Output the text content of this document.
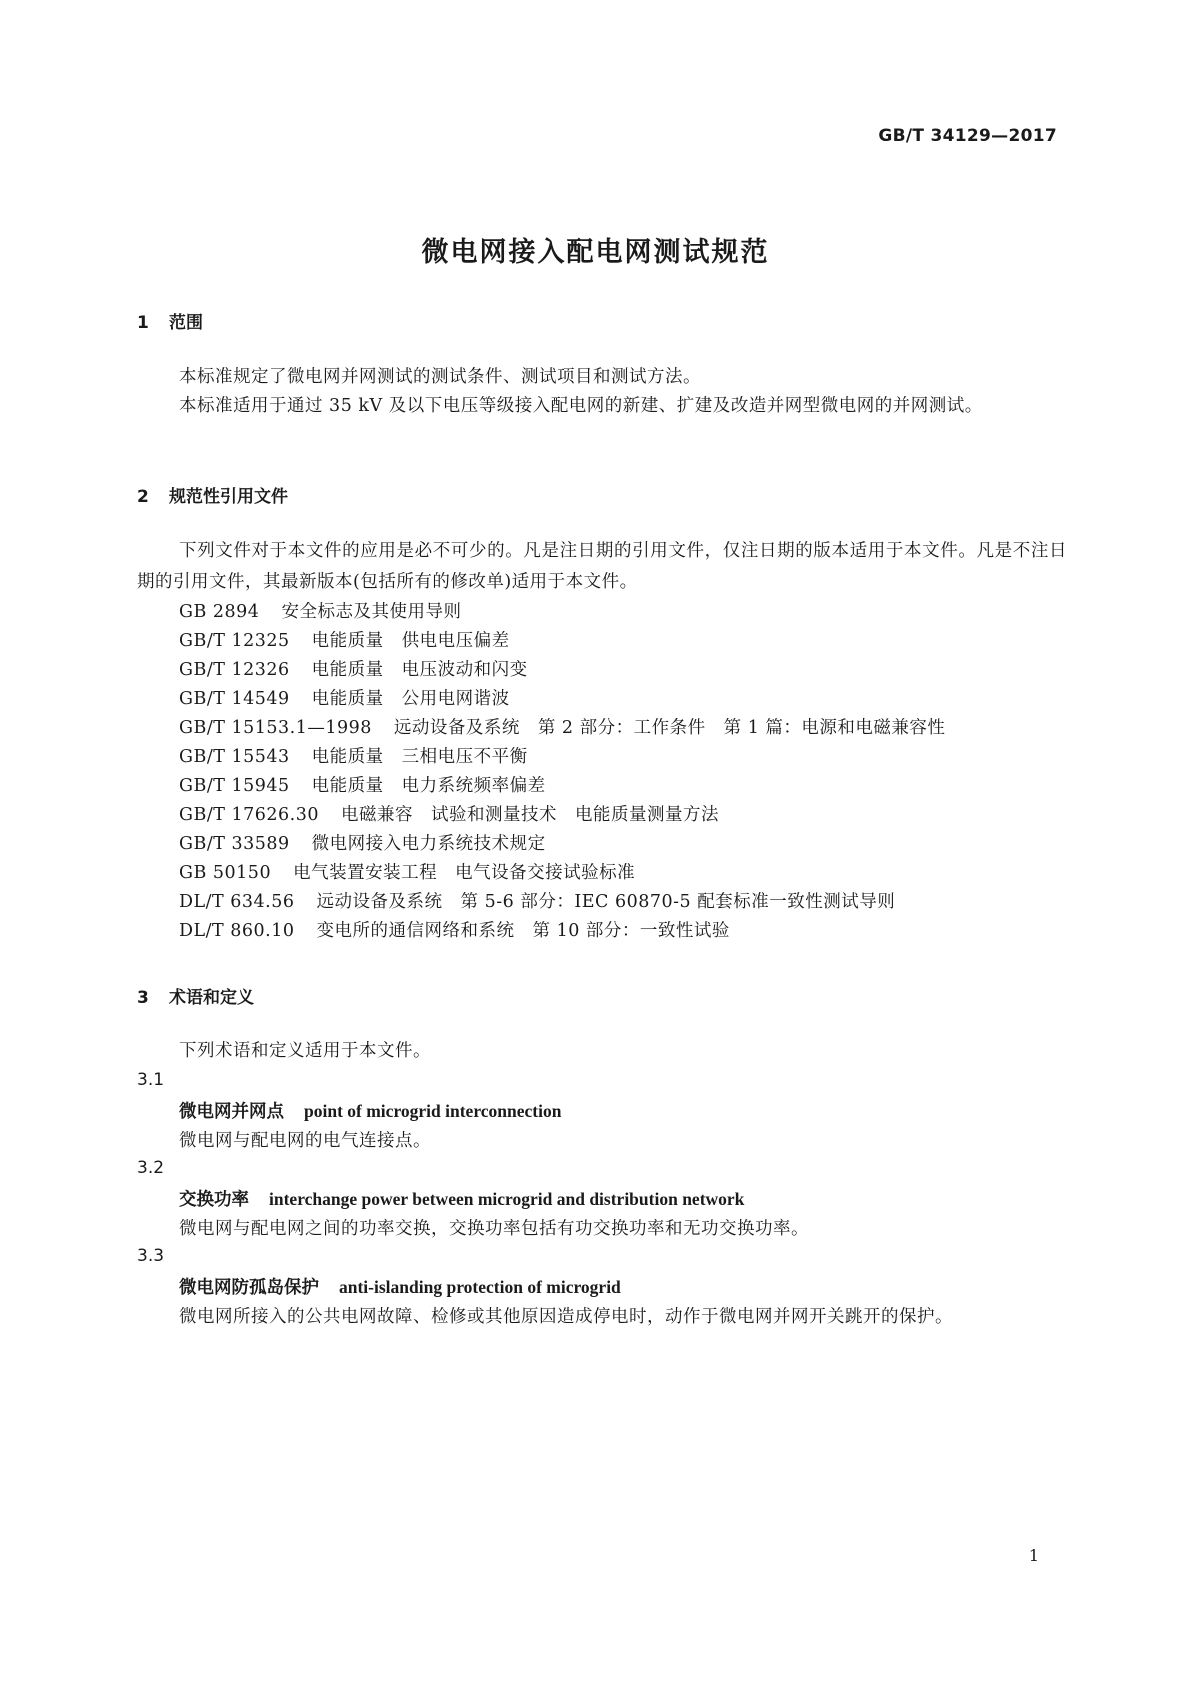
GB/T 34129—2017
微电网接入配电网测试规范
1 范围

本标准规定了微电网并网测试的测试条件、测试项目和测试方法。

本标准适用于通过 35 kV 及以下电压等级接入配电网的新建、扩建及改造并网型微电网的并网测试。

2 规范性引用文件

下列文件对于本文件的应用是必不可少的。凡是注日期的引用文件，仅注日期的版本适用于本文件。凡是不注日期的引用文件，其最新版本(包括所有的修改单)适用于本文件。

GB 2894 安全标志及其使用导则
GB/T 12325 电能质量　供电电压偏差
GB/T 12326 电能质量　电压波动和闪变
GB/T 14549 电能质量　公用电网谐波
GB/T 15153.1—1998 远动设备及系统　第 2 部分：工作条件　第 1 篇：电源和电磁兼容性
GB/T 15543 电能质量　三相电压不平衡
GB/T 15945 电能质量　电力系统频率偏差
GB/T 17626.30 电磁兼容　试验和测量技术　电能质量测量方法
GB/T 33589 微电网接入电力系统技术规定
GB 50150 电气装置安装工程　电气设备交接试验标准
DL/T 634.56 远动设备及系统　第 5-6 部分：IEC 60870-5 配套标准一致性测试导则
DL/T 860.10 变电所的通信网络和系统　第 10 部分：一致性试验
3 术语和定义

下列术语和定义适用于本文件。

3.1
微电网并网点 point of microgrid interconnection
微电网与配电网的电气连接点。
3.2
交换功率 interchange power between microgrid and distribution network
微电网与配电网之间的功率交换，交换功率包括有功交换功率和无功交换功率。
3.3
微电网防孤岛保护 anti-islanding protection of microgrid
微电网所接入的公共电网故障、检修或其他原因造成停电时，动作于微电网并网开关跳开的保护。
1
